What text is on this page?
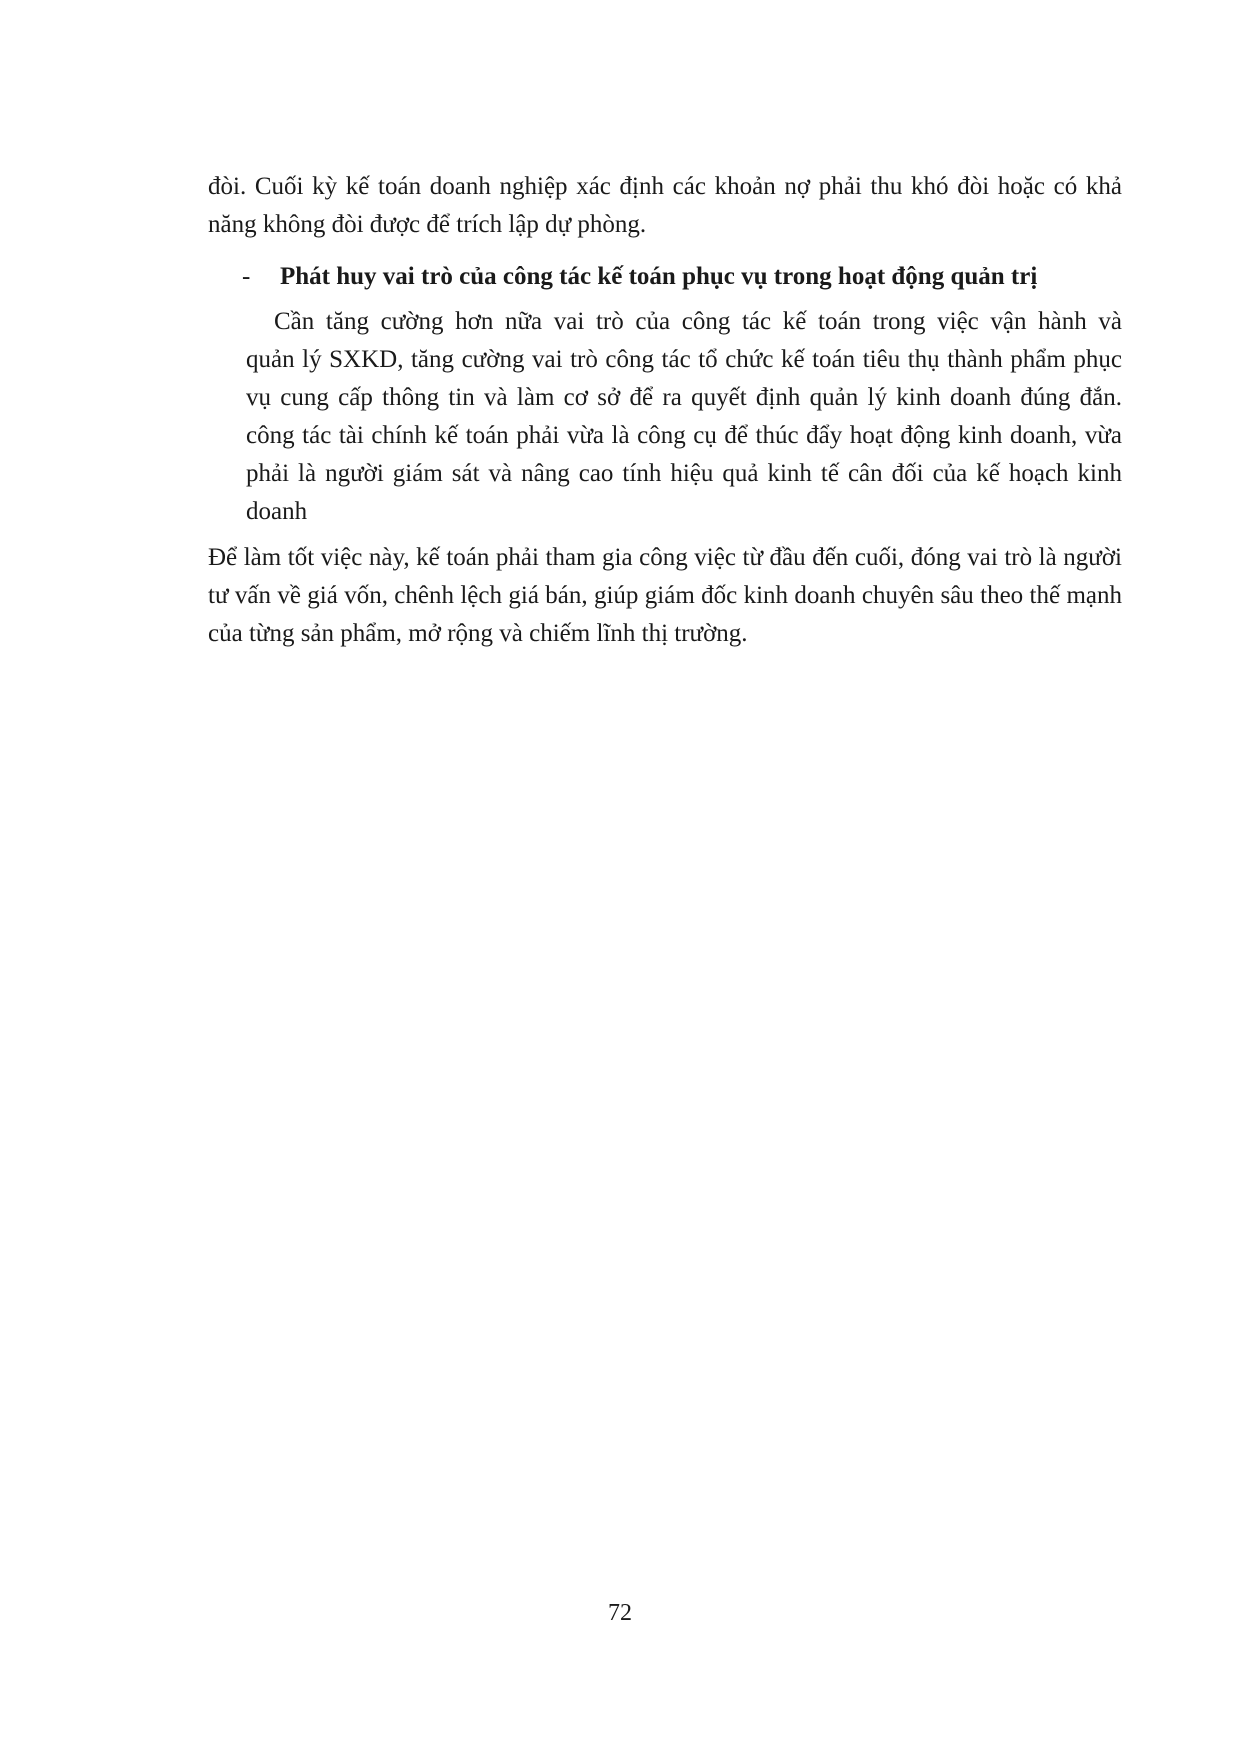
đòi. Cuối kỳ kế toán doanh nghiệp xác định các khoản nợ phải thu khó đòi hoặc có khả năng không đòi được để trích lập dự phòng.

-	Phát huy vai trò của công tác kế toán phục vụ trong hoạt động quản trị

Cần tăng cường hơn nữa vai trò của công tác kế toán trong việc vận hành và

quản lý SXKD, tăng cường vai trò công tác tổ chức kế toán tiêu thụ thành phẩm phục vụ cung cấp thông tin và làm cơ sở để ra quyết định quản lý kinh doanh đúng đắn. công tác tài chính kế toán phải vừa là công cụ để thúc đẩy hoạt động kinh doanh, vừa phải là người giám sát và nâng cao tính hiệu quả kinh tế cân đối của kế hoạch kinh doanh

Để làm tốt việc này, kế toán phải tham gia công việc từ đầu đến cuối, đóng vai trò là người tư vấn về giá vốn, chênh lệch giá bán, giúp giám đốc kinh doanh chuyên sâu theo thế mạnh của từng sản phẩm, mở rộng và chiếm lĩnh thị trường.

72
